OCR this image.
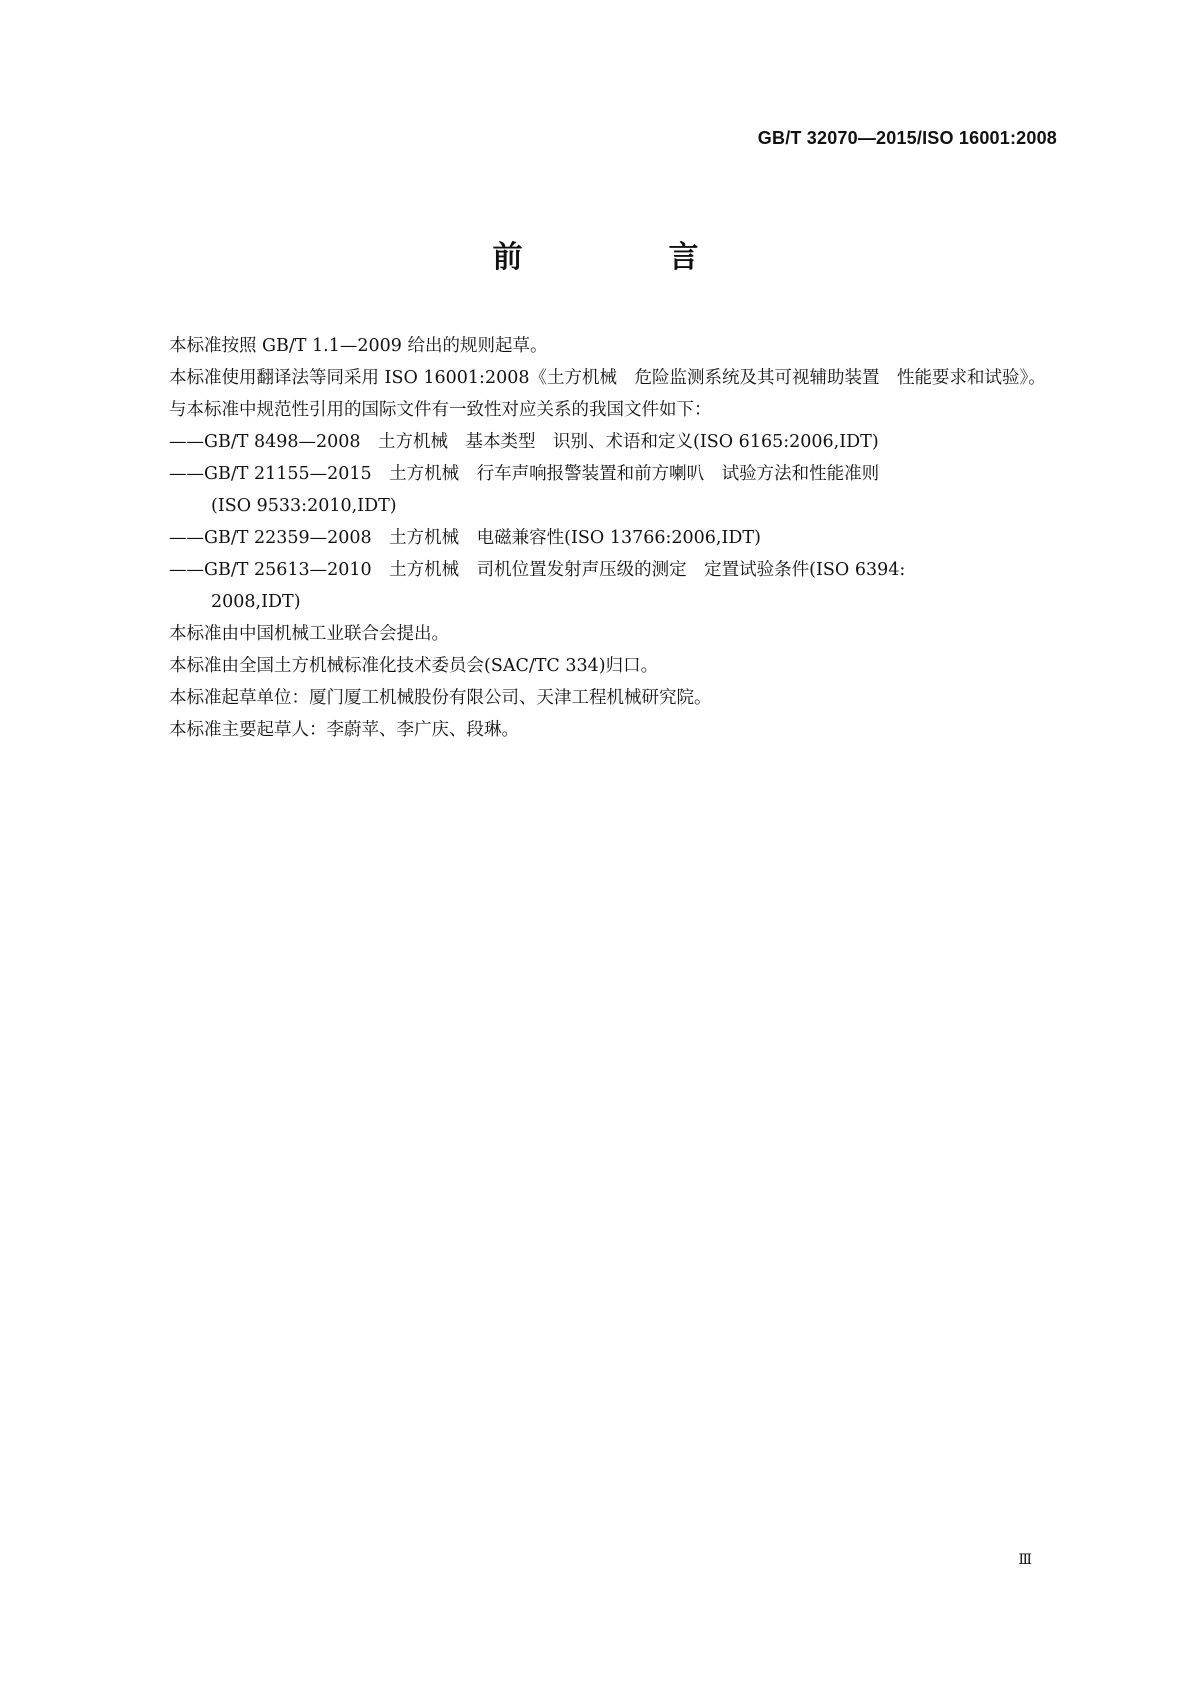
GB/T 32070—2015/ISO 16001:2008
前　言

本标准按照 GB/T 1.1—2009 给出的规则起草。

本标准使用翻译法等同采用 ISO 16001:2008《土方机械　危险监测系统及其可视辅助装置　性能要求和试验》。

与本标准中规范性引用的国际文件有一致性对应关系的我国文件如下：

——GB/T 8498—2008　土方机械　基本类型　识别、术语和定义(ISO 6165:2006,IDT)
——GB/T 21155—2015　土方机械　行车声响报警装置和前方喇叭　试验方法和性能准则
(ISO 9533:2010,IDT)
——GB/T 22359—2008　土方机械　电磁兼容性(ISO 13766:2006,IDT)
——GB/T 25613—2010　土方机械　司机位置发射声压级的测定　定置试验条件(ISO 6394:
2008,IDT)

本标准由中国机械工业联合会提出。

本标准由全国土方机械标准化技术委员会(SAC/TC 334)归口。

本标准起草单位：厦门厦工机械股份有限公司、天津工程机械研究院。

本标准主要起草人：李蔚苹、李广庆、段琳。

Ⅲ
